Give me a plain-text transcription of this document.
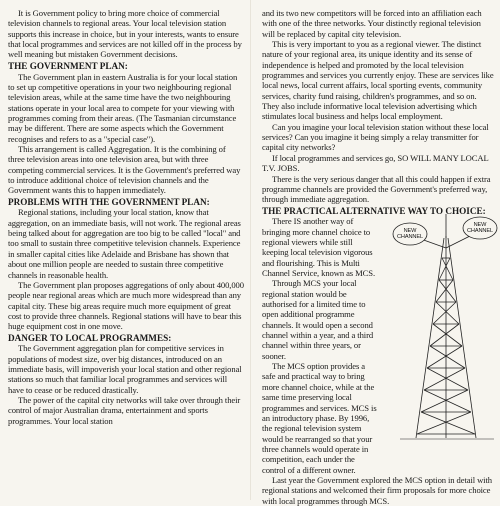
It is Government policy to bring more choice of commercial television channels to regional areas. Your local television station supports this increase in choice, but in your interests, wants to ensure that local programmes and services are not killed off in the process by well meaning but mistaken Government decisions.

THE GOVERNMENT PLAN:

The Government plan in eastern Australia is for your local station to set up competitive operations in your two neighbouring regional television areas, while at the same time have the two neighbouring stations operate in your local area to compete for your viewing with programmes coming from their areas. (The Tasmanian circumstance may be different. There are some aspects which the Government recognises and refers to as a "special case").

This arrangement is called Aggregation. It is the combining of three television areas into one television area, but with three competing commercial services. It is the Government's preferred way to introduce additional choice of television channels and the Government wants this to happen immediately.

PROBLEMS WITH THE GOVERNMENT PLAN:

Regional stations, including your local station, know that aggregation, on an immediate basis, will not work. The regional areas being talked about for aggregation are too big to be called "local" and too small to sustain three competitive television channels. Experience in smaller capital cities like Adelaide and Brisbane has shown that about one million people are needed to sustain three competitive channels in reasonable health.

The Government plan proposes aggregations of only about 400,000 people near regional areas which are much more widespread than any capital city. These big areas require much more equipment of great cost to provide three channels. Regional stations will have to bear this huge equipment cost in one move.

DANGER TO LOCAL PROGRAMMES:

The Government aggregation plan for competitive services in populations of modest size, over big distances, introduced on an immediate basis, will impoverish your local station and other regional stations so much that familiar local programmes and services will have to cease or be reduced drastically.

The power of the capital city networks will take over through their control of major Australian drama, entertainment and sports programmes. Your local station

and its two new competitors will be forced into an affiliation each with one of the three networks. Your distinctly regional television will be replaced by capital city television.

This is very important to you as a regional viewer. The distinct nature of your regional area, its unique identity and its sense of independence is helped and promoted by the local television programmes and services you currently enjoy. These are services like local news, local current affairs, local sporting events, community services, charity fund raising, children's programmes, and so on. They also include informative local television advertising which stimulates local business and helps local employment.

Can you imagine your local television station without these local services? Can you imagine it being simply a relay transmitter for capital city networks?

If local programmes and services go, SO WILL MANY LOCAL T.V. JOBS.

There is the very serious danger that all this could happen if extra programme channels are provided the Government's preferred way, through immediate aggregation.

THE PRACTICAL ALTERNATIVE WAY TO CHOICE:

There IS another way of bringing more channel choice to regional viewers while still keeping local television vigorous and flourishing. This is Multi Channel Service, known as MCS.

Through MCS your local regional station would be authorised for a limited time to open additional programme channels. It would open a second channel within a year, and a third channel within three years, or sooner.

The MCS option provides a safe and practical way to bring more channel choice, while at the same time preserving local programmes and services. MCS is an introductory phase. By 1996, the regional television system would be rearranged so that your three channels would operate in competition, each under the control of a different owner.

Last year the Government explored the MCS option in detail with regional stations and welcomed their firm proposals for more choice with local programmes through MCS.

NEW CHANNEL
NEW CHANNEL
